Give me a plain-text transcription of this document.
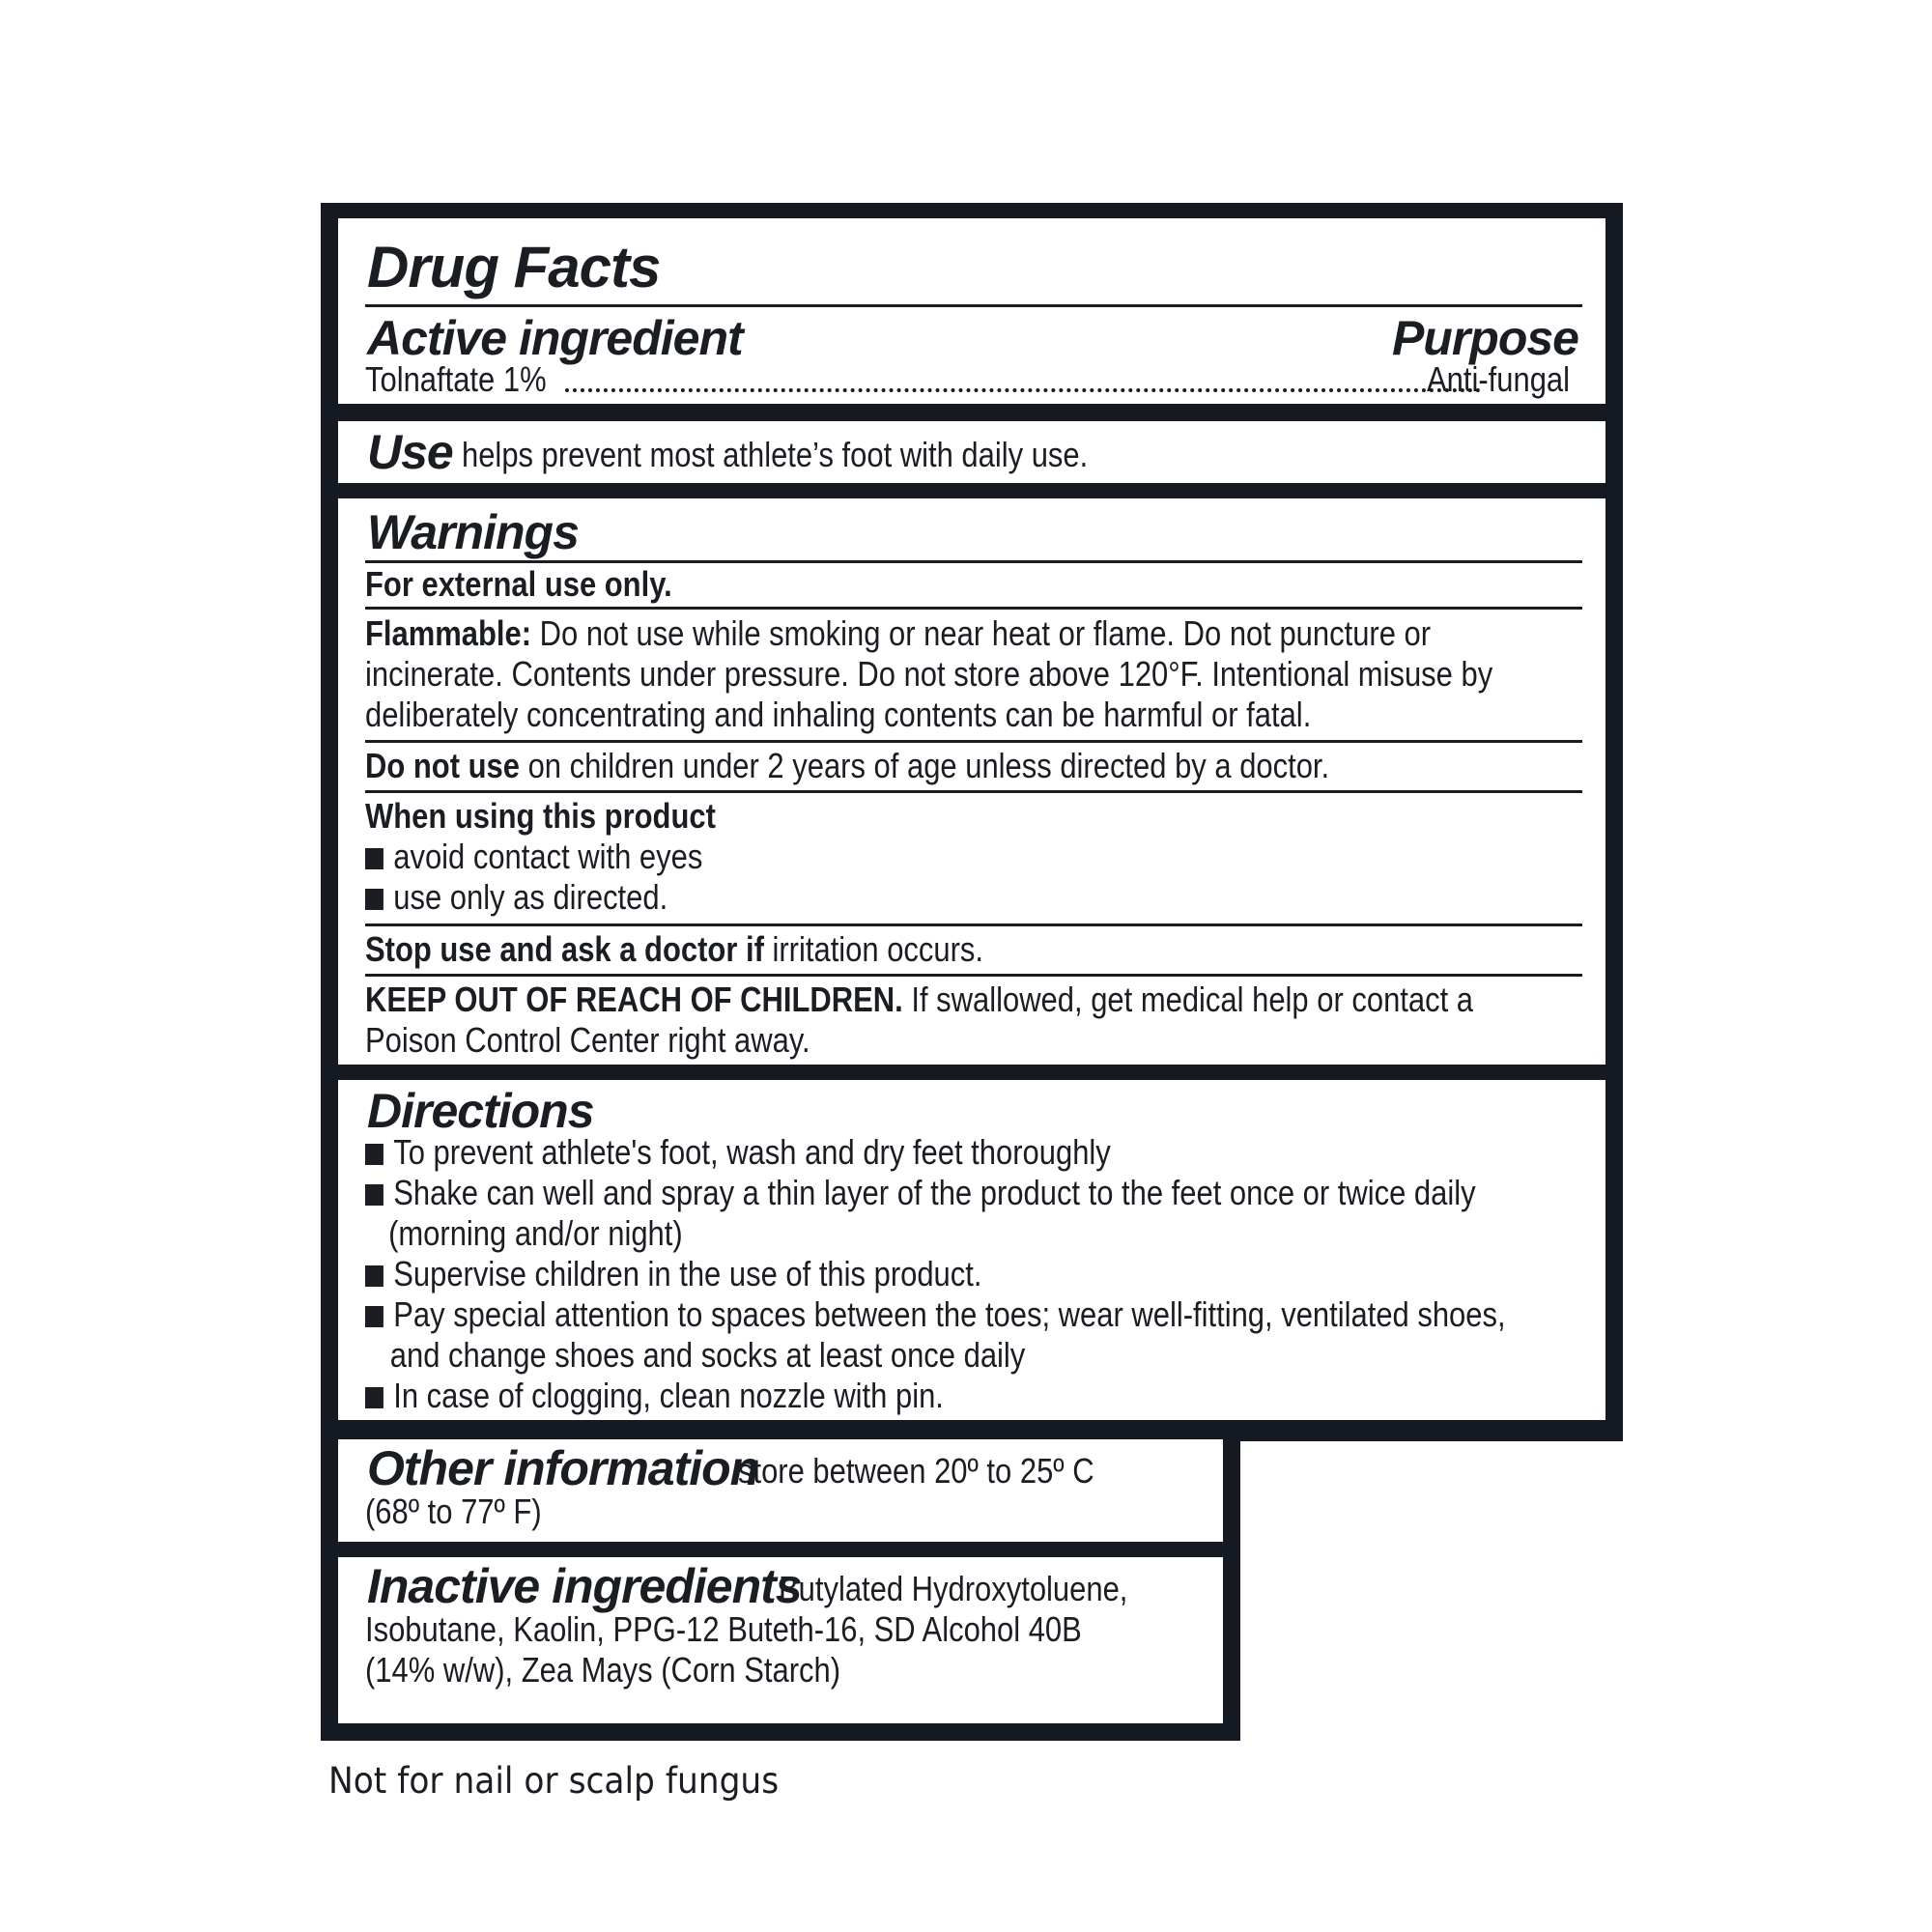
Drug Facts
Active ingredient	Purpose
Tolnaftate 1%	Anti-fungal
Use helps prevent most athlete’s foot with daily use.
Warnings
For external use only.
Flammable: Do not use while smoking or near heat or flame. Do not puncture or
incinerate. Contents under pressure. Do not store above 120°F. Intentional misuse by
deliberately concentrating and inhaling contents can be harmful or fatal.
Do not use on children under 2 years of age unless directed by a doctor.
When using this product
avoid contact with eyes
use only as directed.
Stop use and ask a doctor if irritation occurs.
KEEP OUT OF REACH OF CHILDREN. If swallowed, get medical help or contact a
Poison Control Center right away.
Directions
To prevent athlete's foot, wash and dry feet thoroughly
Shake can well and spray a thin layer of the product to the feet once or twice daily
(morning and/or night)
Supervise children in the use of this product.
Pay special attention to spaces between the toes; wear well-fitting, ventilated shoes,
and change shoes and socks at least once daily
In case of clogging, clean nozzle with pin.
Other information
store between 20º to 25º C
(68º to 77º F)
Inactive ingredients
Butylated Hydroxytoluene,
Isobutane, Kaolin, PPG-12 Buteth-16, SD Alcohol 40B
(14% w/w), Zea Mays (Corn Starch)
Not for nail or scalp fungus
